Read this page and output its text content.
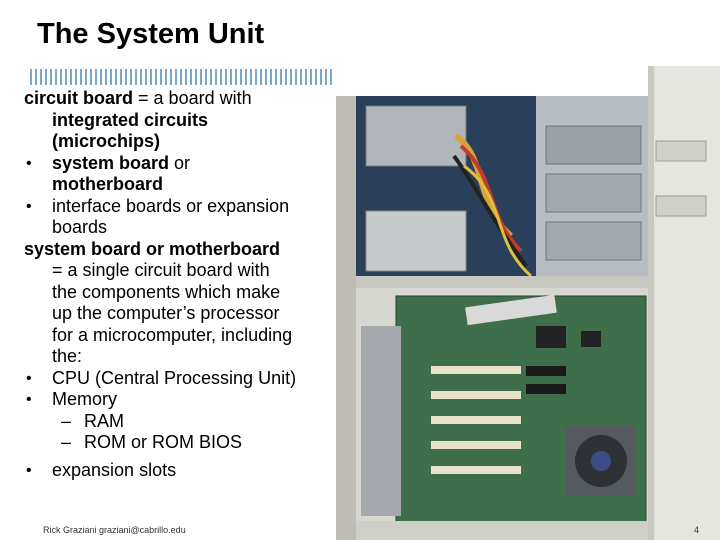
The System Unit
circuit board = a board with
integrated circuits
(microchips)
• system board or
motherboard
• interface boards or expansion
boards
system board or motherboard
= a single circuit board with
the components which make
up the computer’s processor
for a microcomputer, including
the:
• CPU (Central Processing Unit)
• Memory
– RAM
– ROM or ROM BIOS
• expansion slots
Rick Graziani graziani@cabrillo.edu	4
